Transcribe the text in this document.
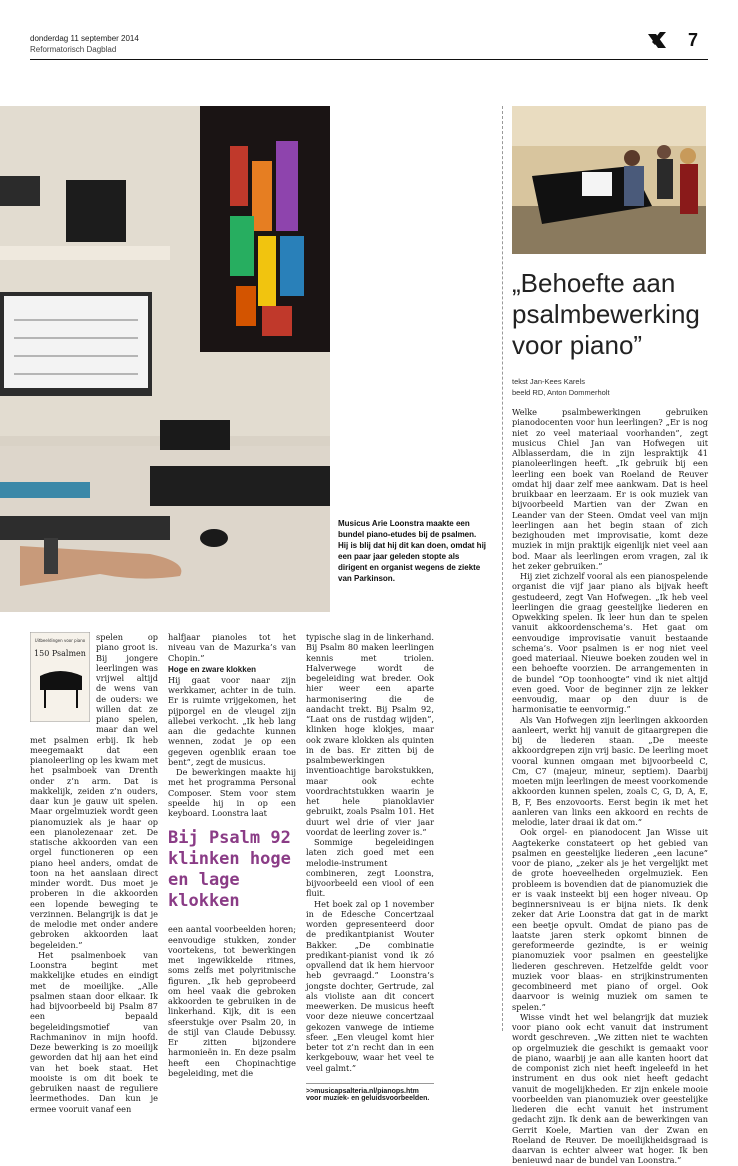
donderdag 11 september 2014
Reformatorisch Dagblad	7
Musicus Arie Loonstra maakte een bundel piano-etudes bij de psalmen. Hij is blij dat hij dit kan doen, omdat hij een paar jaar geleden stopte als dirigent en organist wegens de ziekte van Parkinson.
„Behoefte aan psalmbewerking voor piano”
tekst Jan-Kees Karels
beeld RD, Anton Dommerholt
Uitbeeldingen voor piano
150 Psalmen

spelen op piano groot is. Bij jongere leerlingen was vrijwel altijd de wens van de ouders: we willen dat ze piano spelen, maar dan wel met psalmen erbij. Ik heb meegemaakt dat een pianoleerling op les kwam met het psalmboek van Drenth onder z’n arm. Dat is makkelijk, zeiden z’n ouders, daar kun je gauw uit spelen. Maar orgelmuziek wordt geen pianomuziek als je haar op een pianolezenaar zet. De statische akkoorden van een orgel functioneren op een piano heel anders, omdat de toon na het aanslaan direct minder wordt. Dus moet je proberen in die akkoorden een lopende beweging te verzinnen. Belangrijk is dat je de melodie met onder andere gebroken akkoorden laat begeleiden.”

Het psalmenboek van Loonstra begint met makkelijke etudes en eindigt met de moeilijke. „Alle psalmen staan door elkaar. Ik had bijvoorbeeld bij Psalm 87 een bepaald begeleidingsmotief van Rachmaninov in mijn hoofd. Deze bewerking is zo moeilijk geworden dat hij aan het eind van het boek staat. Het mooiste is om dit boek te gebruiken naast de reguliere leermethodes. Dan kun je ermee vooruit vanaf een

halfjaar pianoles tot het niveau van de Mazurka’s van Chopin.”

Hoge en zware klokken

Hij gaat voor naar zijn werkkamer, achter in de tuin. Er is ruimte vrijgekomen, het pijporgel en de vleugel zijn allebei verkocht. „Ik heb lang aan die gedachte kunnen wennen, zodat je op een gegeven ogenblik eraan toe bent”, zegt de musicus.

De bewerkingen maakte hij met het programma Personal Composer. Stem voor stem speelde hij in op een keyboard. Loonstra laat

Bij Psalm 92 klinken hoge en lage klokken

een aantal voorbeelden horen; eenvoudige stukken, zonder voortekens, tot bewerkingen met ingewikkelde ritmes, soms zelfs met polyritmische figuren. „Ik heb geprobeerd om heel vaak die gebroken akkoorden te gebruiken in de linkerhand. Kijk, dit is een sfeerstukje over Psalm 20, in de stijl van Claude Debussy. Er zitten bijzondere harmonieën in. En deze psalm heeft een Chopinachtige begeleiding, met die

typische slag in de linkerhand. Bij Psalm 80 maken leerlingen kennis met triolen. Halverwege wordt de begeleiding wat breder. Ook hier weer een aparte harmonisering die de aandacht trekt. Bij Psalm 92, “Laat ons de rustdag wijden”, klinken hoge klokjes, maar ook zware klokken als quinten in de bas. Er zitten bij de psalmbewerkingen inventioachtige barokstukken, maar ook echte voordrachtstukken waarin je het hele pianoklavier gebruikt, zoals Psalm 101. Het duurt wel drie of vier jaar voordat de leerling zover is.”

Sommige begeleidingen laten zich goed met een melodie-instrument combineren, zegt Loonstra, bijvoorbeeld een viool of een fluit.

Het boek zal op 1 november in de Edesche Concertzaal worden gepresenteerd door de predikantpianist Wouter Bakker. „De combinatie predikant-pianist vond ik zó opvallend dat ik hem hiervoor heb gevraagd.” Loonstra’s jongste dochter, Gertrude, zal als violiste aan dit concert meewerken. De musicus heeft voor deze nieuwe concertzaal gekozen vanwege de intieme sfeer. „Een vleugel komt hier beter tot z’n recht dan in een kerkgebouw, waar het veel te veel galmt.”

>>musicapsalteria.nl/pianops.htm voor muziek- en geluidsvoorbeelden.

Welke psalmbewerkingen gebruiken pianodocenten voor hun leerlingen? „Er is nog niet zo veel materiaal voorhanden”, zegt musicus Chiel Jan van Hofwegen uit Alblasserdam, die in zijn lespraktijk 41 pianoleerlingen heeft. „Ik gebruik bij een leerling een boek van Roeland de Reuver omdat hij daar zelf mee aankwam. Dat is heel bruikbaar en leerzaam. Er is ook muziek van bijvoorbeeld Martien van der Zwan en Leander van der Steen. Omdat veel van mijn leerlingen aan het begin staan of zich bezighouden met improvisatie, komt deze muziek in mijn praktijk eigenlijk niet veel aan bod. Maar als leerlingen erom vragen, zal ik het zeker gebruiken.”

Hij ziet zichzelf vooral als een pianospelende organist die vijf jaar piano als bijvak heeft gestudeerd, zegt Van Hofwegen. „Ik heb veel leerlingen die graag geestelijke liederen en Opwekking spelen. Ik leer hun dan te spelen vanuit akkoordenschema’s. Het gaat om eenvoudige improvisatie vanuit bestaande schema’s. Voor psalmen is er nog niet veel goed materiaal. Nieuwe boeken zouden wel in een behoefte voorzien. De arrangementen in de bundel “Op toonhoogte” vind ik niet altijd even goed. Voor de beginner zijn ze lekker eenvoudig, maar op den duur is de harmonisatie te eenvormig.”

Als Van Hofwegen zijn leerlingen akkoorden aanleert, werkt hij vanuit de gitaargrepen die bij de liederen staan. „De meeste akkoordgrepen zijn vrij basic. De leerling moet vooral kunnen omgaan met bijvoorbeeld C, Cm, C7 (majeur, mineur, septiem). Daarbij moeten mijn leerlingen de meest voorkomende akkoorden kunnen spelen, zoals C, G, D, A, E, B, F, Bes enzovoorts. Eerst begin ik met het aanleren van links een akkoord en rechts de melodie, later draai ik dat om.”

Ook orgel- en pianodocent Jan Wisse uit Aagtekerke constateert op het gebied van psalmen en geestelijke liederen „een lacune” voor de piano, „zeker als je het vergelijkt met de grote hoeveelheden orgelmuziek. Een probleem is bovendien dat de pianomuziek die er is vaak insteekt bij een hoger niveau. Op beginnersniveau is er bijna niets. Ik denk zeker dat Arie Loonstra dat gat in de markt een beetje opvult. Omdat de piano pas de laatste jaren sterk opkomt binnen de gereformeerde gezindte, is er weinig pianomuziek voor psalmen en geestelijke liederen geschreven. Hetzelfde geldt voor muziek voor blaas- en strijkinstrumenten gecombineerd met piano of orgel. Ook daarvoor is weinig muziek om samen te spelen.”

Wisse vindt het wel belangrijk dat muziek voor piano ook echt vanuit dat instrument wordt geschreven. „We zitten niet te wachten op orgelmuziek die geschikt is gemaakt voor de piano, waarbij je aan alle kanten hoort dat de componist zich niet heeft ingeleefd in het instrument en dus ook niet heeft gedacht vanuit de mogelijkheden. Er zijn enkele mooie voorbeelden van pianomuziek over geestelijke liederen die echt vanuit het instrument gedacht zijn. Ik denk aan de bewerkingen van Gerrit Koele, Martien van der Zwan en Roeland de Reuver. De moeilijkheidsgraad is daarvan is echter alweer wat hoger. Ik ben benieuwd naar de bundel van Loonstra.”
